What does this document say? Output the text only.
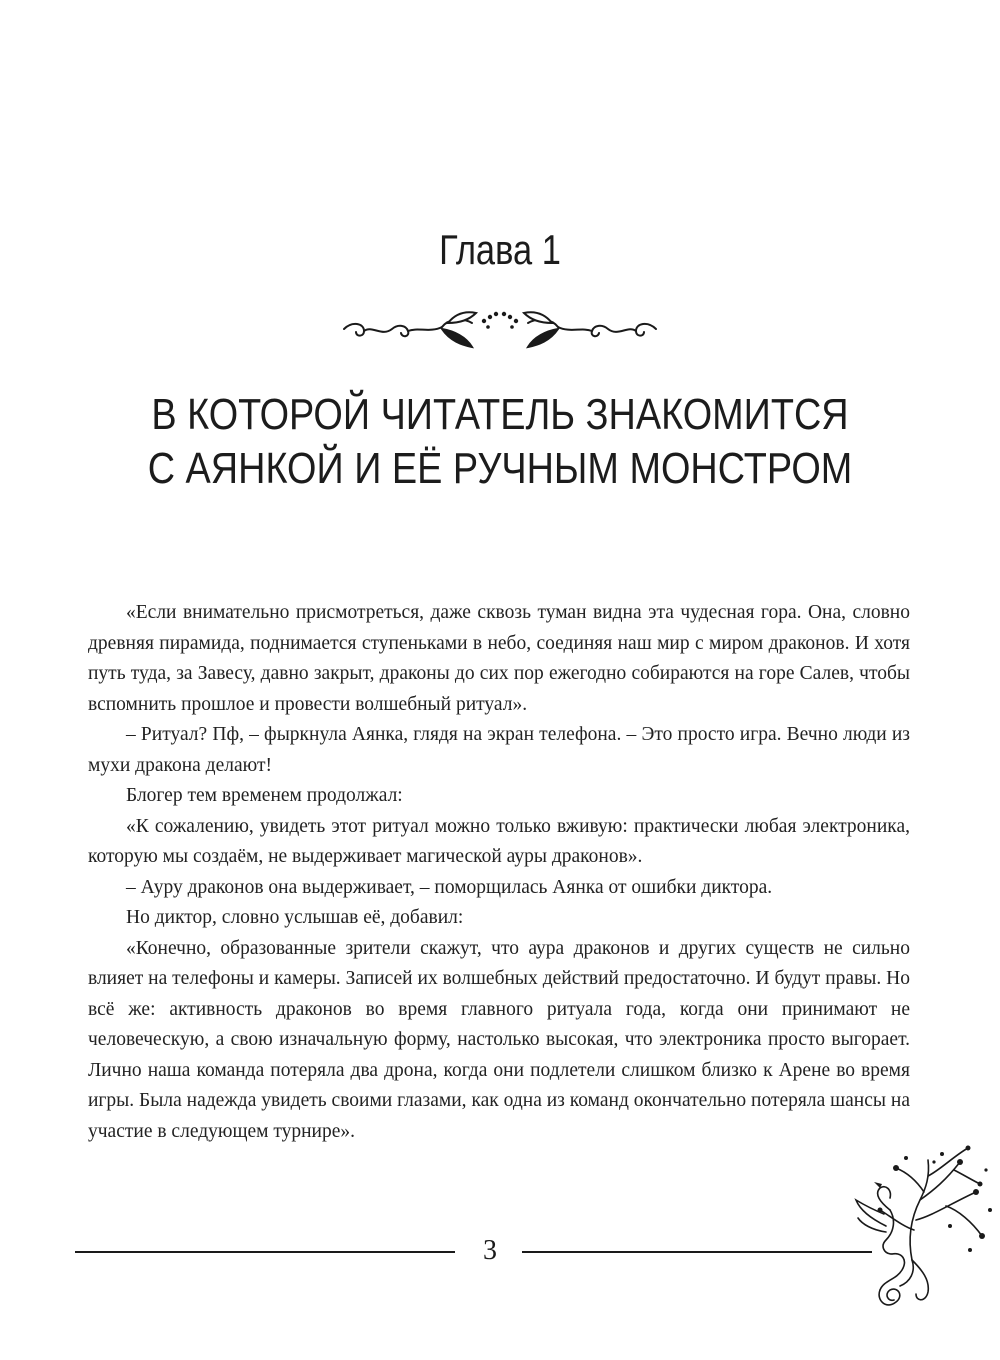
Глава 1
В КОТОРОЙ ЧИТАТЕЛЬ ЗНАКОМИТСЯ
С АЯНКОЙ И ЕЁ РУЧНЫМ МОНСТРОМ

«Если внимательно присмотреться, даже сквозь туман видна эта чудесная гора. Она, словно древняя пирамида, поднимается ступеньками в небо, соединяя наш мир с миром драконов. И хотя путь туда, за Завесу, давно закрыт, драконы до сих пор ежегодно собираются на горе Салев, чтобы вспомнить прошлое и провести волшебный ритуал».

– Ритуал? Пф, – фыркнула Аянка, глядя на экран телефона. – Это просто игра. Вечно люди из мухи дракона делают!

Блогер тем временем продолжал:

«К сожалению, увидеть этот ритуал можно только вживую: практически любая электроника, которую мы создаём, не выдерживает магической ауры драконов».

– Ауру драконов она выдерживает, – поморщилась Аянка от ошибки диктора.

Но диктор, словно услышав её, добавил:

«Конечно, образованные зрители скажут, что аура драконов и других существ не сильно влияет на телефоны и камеры. Записей их волшебных действий предостаточно. И будут правы. Но всё же: активность драконов во время главного ритуала года, когда они принимают не человеческую, а свою изначальную форму, настолько высокая, что электроника просто выгорает. Лично наша команда потеряла два дрона, когда они подлетели слишком близко к Арене во время игры. Была надежда увидеть своими глазами, как одна из команд окончательно потеряла шансы на участие в следующем турнире».

3
